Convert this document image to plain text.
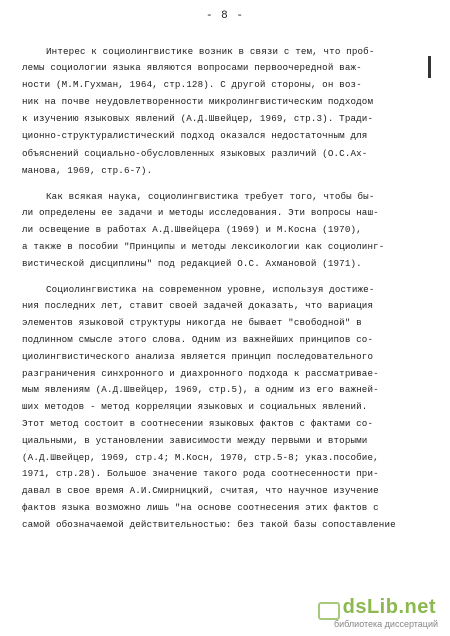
- 8 -
Интерес к социолингвистике возник в связи с тем, что проб-
лемы социологии языка являются вопросами первоочередной важ-
ности (М.М.Гухман, 1964, стр.128). С другой стороны, он воз-
ник на почве неудовлетворенности микролингвистическим подходом
к изучению языковых явлений (А.Д.Швейцер, 1969, стр.3). Тради-
ционно-структуралистический подход оказался недостаточным для
объяснений социально-обусловленных языковых различий (О.С.Ах-
манова, 1969, стр.6-7).
Как всякая наука, социолингвистика требует того, чтобы бы-
ли определены ее задачи и методы исследования. Эти вопросы наш-
ли освещение в работах А.Д.Швейцера (1969) и М.Косна (1970),
а также в пособии "Принципы и методы лексикологии как социолинг-
вистической дисциплины" под редакцией О.С. Ахмановой (1971).
Социолингвистика на современном уровне, используя достиже-
ния последних лет, ставит своей задачей доказать, что вариация
элементов языковой структуры никогда не бывает "свободной" в
подлинном смысле этого слова. Одним из важнейших принципов со-
циолингвистического анализа является принцип последовательного
разграничения синхронного и диахронного подхода к рассматривае-
мым явлениям (А.Д.Швейцер, 1969, стр.5), а одним из его важней-
ших методов - метод корреляции языковых и социальных явлений.
Этот метод состоит в соотнесении языковых фактов с фактами со-
циальными, в установлении зависимости между первыми и вторыми
(А.Д.Швейцер, 1969, стр.4; М.Косн, 1970, стр.5-8; указ.пособие,
1971, стр.28). Большое значение такого рода соотнесенности при-
давал в свое время А.И.Смирницкий, считая, что научное изучение
фактов языка возможно лишь "на основе соотнесения этих фактов с
самой обозначаемой действительностью: без такой базы сопоставление
dsLib.net
библиотека диссертаций
